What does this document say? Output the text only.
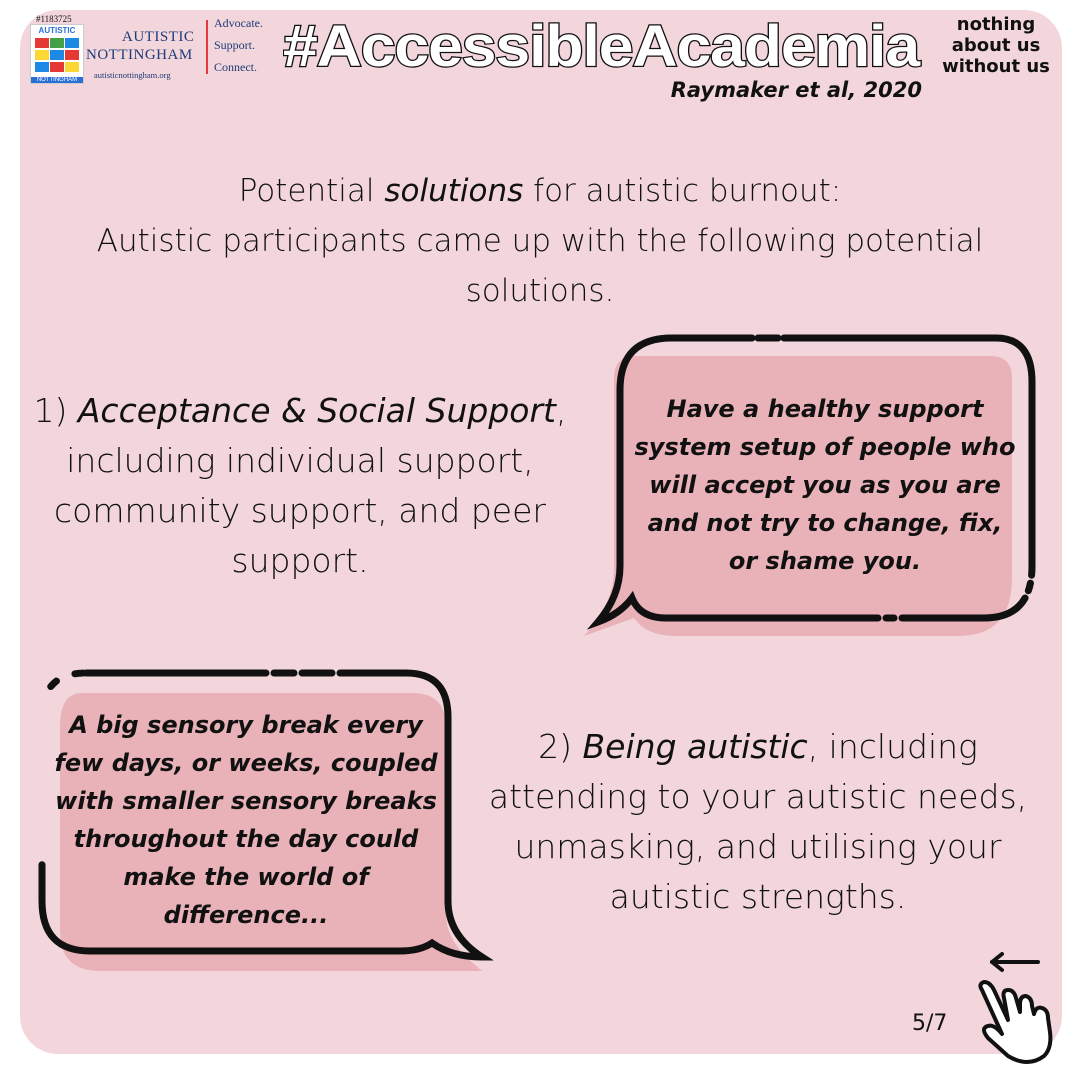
#1183725
AUTISTIC
NOTTINGHAM
AUTISTIC
NOTTINGHAM
autisticnottingham.org
Advocate.
Support.
Connect. #AccessibleAcademia	nothing
about us
without us
Raymaker et al, 2020
Potential solutions for autistic burnout:
Autistic participants came up with the following potential solutions.
1) Acceptance & Social Support, including individual support, community support, and peer support.
Have a healthy support system setup of people who will accept you as you are and not try to change, fix, or shame you.
A big sensory break every few days, or weeks, coupled with smaller sensory breaks throughout the day could make the world of difference...
2) Being autistic, including attending to your autistic needs, unmasking, and utilising your autistic strengths.
5/7
